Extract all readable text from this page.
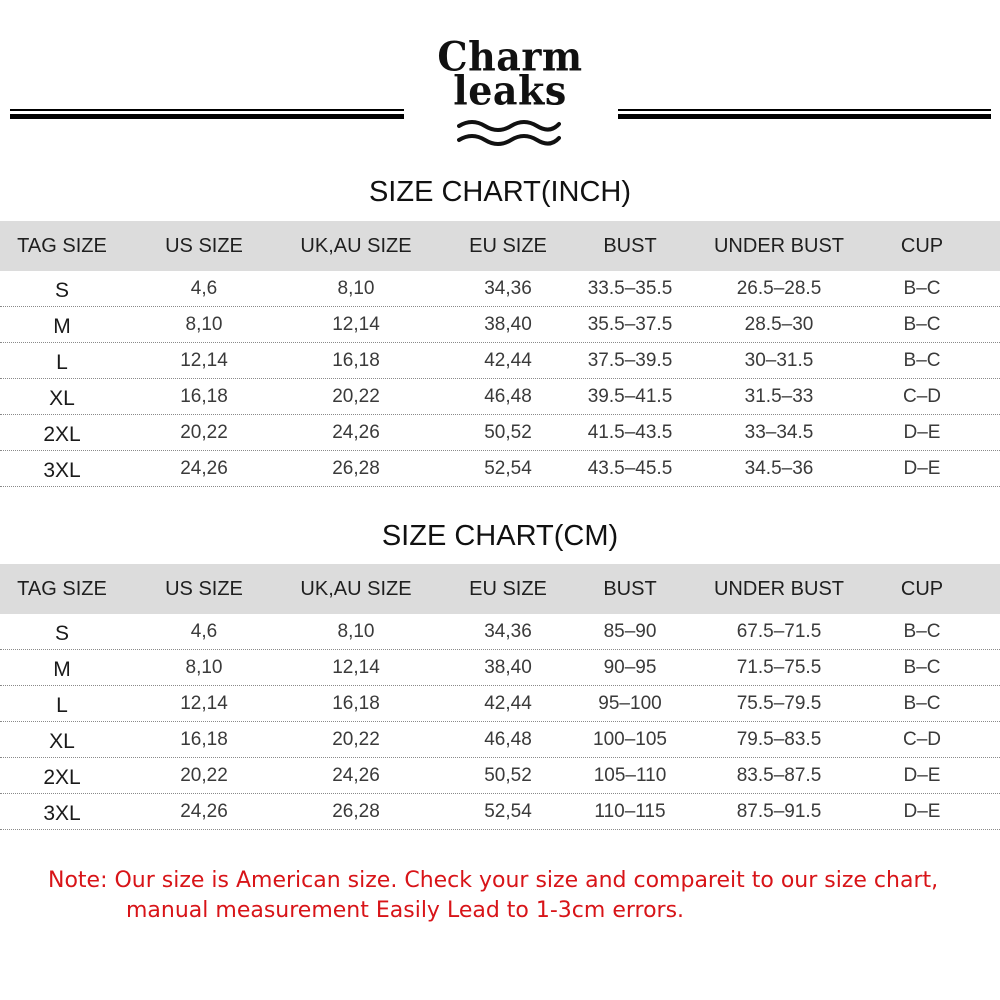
Charm
leaks
SIZE CHART(INCH)
TAG SIZE	US SIZE	UK,AU SIZE	EU SIZE	BUST	UNDER BUST	CUP
S	4,6	8,10	34,36	33.5–35.5	26.5–28.5	B–C
M	8,10	12,14	38,40	35.5–37.5	28.5–30	B–C
L	12,14	16,18	42,44	37.5–39.5	30–31.5	B–C
XL	16,18	20,22	46,48	39.5–41.5	31.5–33	C–D
2XL	20,22	24,26	50,52	41.5–43.5	33–34.5	D–E
3XL	24,26	26,28	52,54	43.5–45.5	34.5–36	D–E
SIZE CHART(CM)
TAG SIZE	US SIZE	UK,AU SIZE	EU SIZE	BUST	UNDER BUST	CUP
S	4,6	8,10	34,36	85–90	67.5–71.5	B–C
M	8,10	12,14	38,40	90–95	71.5–75.5	B–C
L	12,14	16,18	42,44	95–100	75.5–79.5	B–C
XL	16,18	20,22	46,48	100–105	79.5–83.5	C–D
2XL	20,22	24,26	50,52	105–110	83.5–87.5	D–E
3XL	24,26	26,28	52,54	110–115	87.5–91.5	D–E
Note: Our size is American size. Check your size and compareit to our size chart,
manual measurement Easily Lead to 1-3cm errors.
